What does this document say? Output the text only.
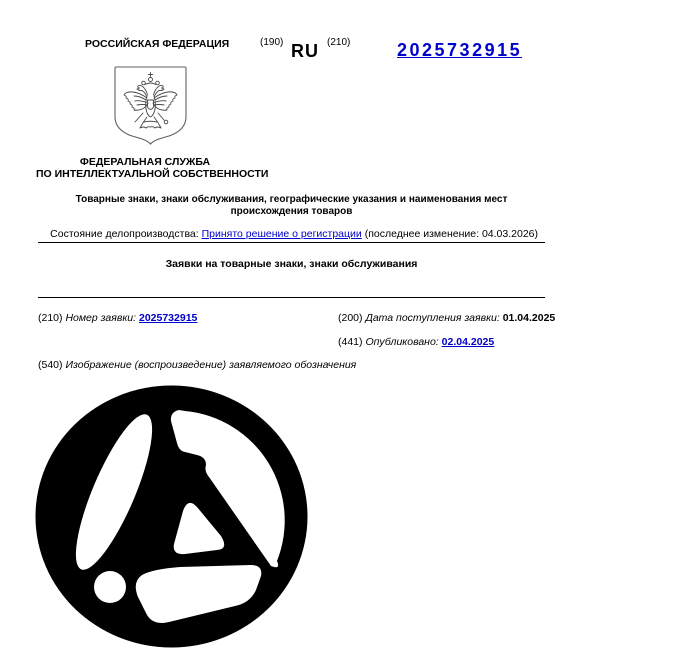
РОССИЙСКАЯ ФЕДЕРАЦИЯ	(190) RU (210)	2025732915
ФЕДЕРАЛЬНАЯ СЛУЖБА
ПО ИНТЕЛЛЕКТУАЛЬНОЙ СОБСТВЕННОСТИ
Товарные знаки, знаки обслуживания, географические указания и наименования мест происхождения товаров
Состояние делопроизводства: Принято решение о регистрации (последнее изменение: 04.03.2026)
Заявки на товарные знаки, знаки обслуживания
(210) Номер заявки: 2025732915	(200) Дата поступления заявки: 01.04.2025
(441) Опубликовано: 02.04.2025
(540) Изображение (воспроизведение) заявляемого обозначения
